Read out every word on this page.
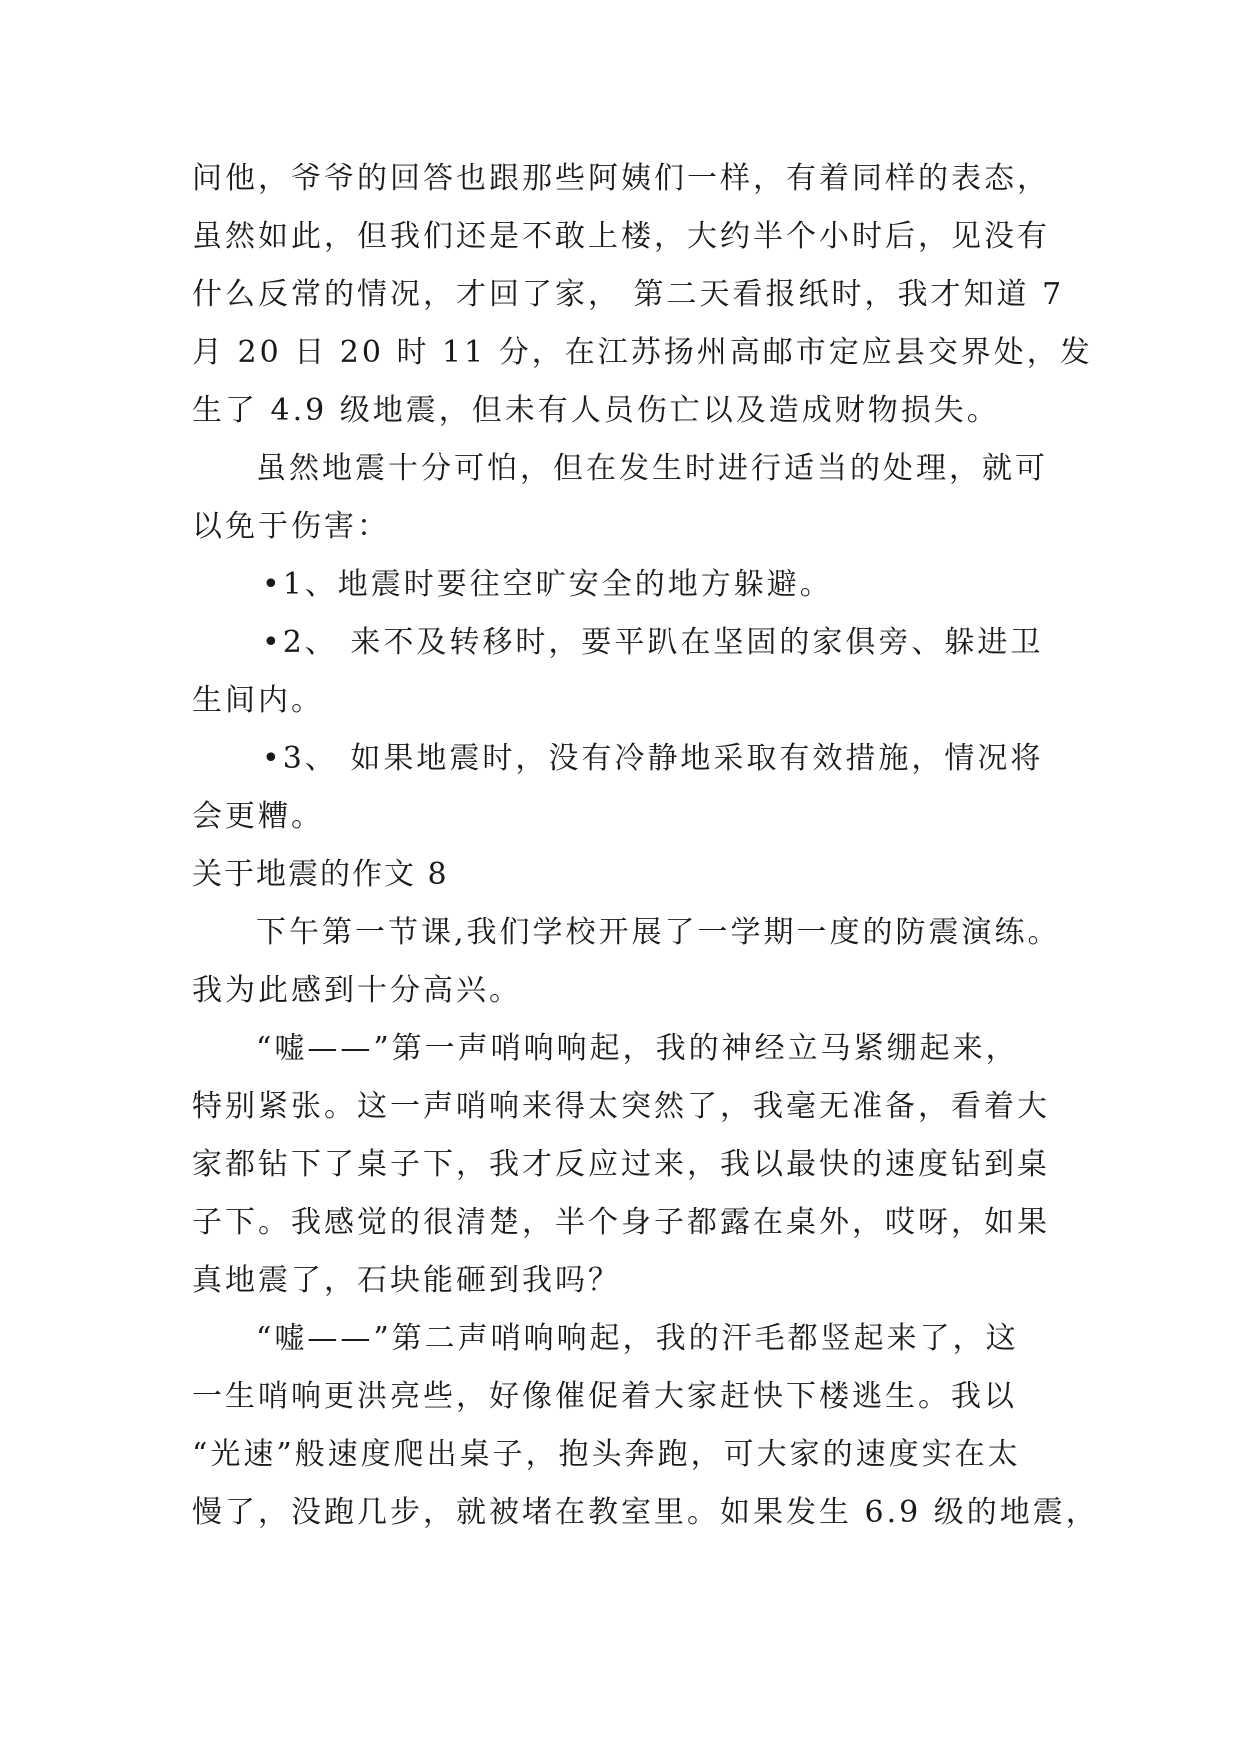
问他，爷爷的回答也跟那些阿姨们一样，有着同样的表态，
虽然如此，但我们还是不敢上楼，大约半个小时后，见没有
什么反常的情况，才回了家， 第二天看报纸时，我才知道 7
月 20 日 20 时 11 分，在江苏扬州高邮市定应县交界处，发
生了 4.9 级地震，但未有人员伤亡以及造成财物损失。
虽然地震十分可怕，但在发生时进行适当的处理，就可
以免于伤害：
•1、地震时要往空旷安全的地方躲避。
•2、 来不及转移时，要平趴在坚固的家俱旁、躲进卫
生间内。
•3、 如果地震时，没有冷静地采取有效措施，情况将
会更糟。
关于地震的作文 8
下午第一节课,我们学校开展了一学期一度的防震演练。
我为此感到十分高兴。
“嘘——”第一声哨响响起，我的神经立马紧绷起来，
特别紧张。这一声哨响来得太突然了，我毫无准备，看着大
家都钻下了桌子下，我才反应过来，我以最快的速度钻到桌
子下。我感觉的很清楚，半个身子都露在桌外，哎呀，如果
真地震了，石块能砸到我吗？
“嘘——”第二声哨响响起，我的汗毛都竖起来了，这
一生哨响更洪亮些，好像催促着大家赶快下楼逃生。我以
“光速”般速度爬出桌子，抱头奔跑，可大家的速度实在太
慢了，没跑几步，就被堵在教室里。如果发生 6.9 级的地震，
